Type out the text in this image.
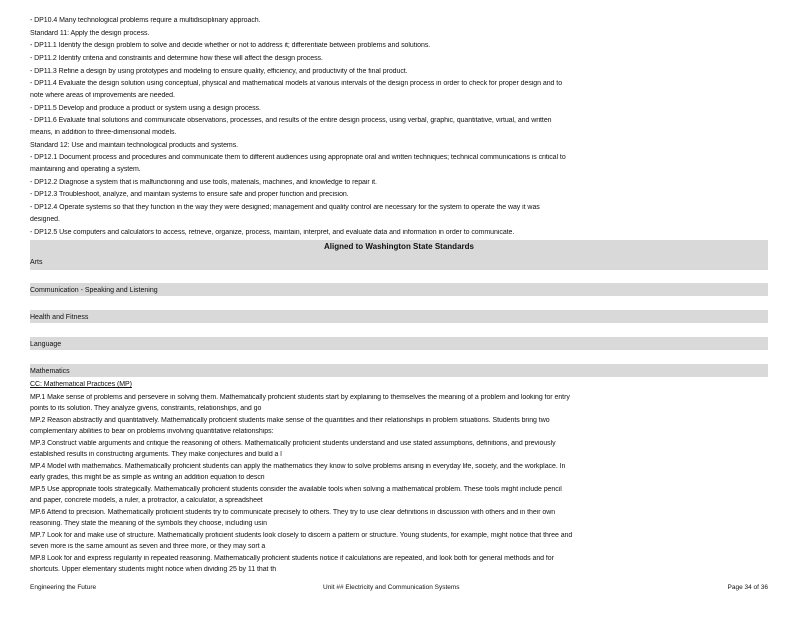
- DP10.4 Many technological problems require a multidisciplinary approach.
Standard 11: Apply the design process.
- DP11.1 Identify the design problem to solve and decide whether or not to address it; differentiate between problems and solutions.
- DP11.2 Identify criteria and constraints and determine how these will affect the design process.
- DP11.3 Refine a design by using prototypes and modeling to ensure quality, efficiency, and productivity of the final product.
- DP11.4 Evaluate the design solution using conceptual, physical and mathematical models at various intervals of the design process in order to check for proper design and to
note where areas of improvements are needed.
- DP11.5 Develop and produce a product or system using a design process.
- DP11.6 Evaluate final solutions and communicate observations, processes, and results of the entire design process, using verbal, graphic, quantitative, virtual, and written
means, in addition to three-dimensional models.
Standard 12: Use and maintain technological products and systems.
- DP12.1 Document process and procedures and communicate them to different audiences using appropriate oral and written techniques; technical communications is critical to
maintaining and operating a system.
- DP12.2 Diagnose a system that is malfunctioning and use tools, materials, machines, and knowledge to repair it.
- DP12.3 Troubleshoot, analyze, and maintain systems to ensure safe and proper function and precision.
- DP12.4 Operate systems so that they function in the way they were designed; management and quality control are necessary for the system to operate the way it was
designed.
- DP12.5 Use computers and calculators to access, retrieve, organize, process, maintain, interpret, and evaluate data and information in order to communicate.
Aligned to Washington State Standards
Arts
Communication - Speaking and Listening
Health and Fitness
Language
Mathematics
CC: Mathematical Practices (MP)
MP.1 Make sense of problems and persevere in solving them. Mathematically proficient students start by explaining to themselves the meaning of a problem and looking for entry
points to its solution. They analyze givens, constraints, relationships, and go
MP.2 Reason abstractly and quantitatively. Mathematically proficient students make sense of the quantities and their relationships in problem situations. Students bring two
complementary abilities to bear on problems involving quantitative relationships:
MP.3 Construct viable arguments and critique the reasoning of others. Mathematically proficient students understand and use stated assumptions, definitions, and previously
established results in constructing arguments. They make conjectures and build a l
MP.4 Model with mathematics. Mathematically proficient students can apply the mathematics they know to solve problems arising in everyday life, society, and the workplace. In
early grades, this might be as simple as writing an addition equation to descri
MP.5 Use appropriate tools strategically. Mathematically proficient students consider the available tools when solving a mathematical problem. These tools might include pencil
and paper, concrete models, a ruler, a protractor, a calculator, a spreadsheet
MP.6 Attend to precision. Mathematically proficient students try to communicate precisely to others. They try to use clear definitions in discussion with others and in their own
reasoning. They state the meaning of the symbols they choose, including usin
MP.7 Look for and make use of structure. Mathematically proficient students look closely to discern a pattern or structure. Young students, for example, might notice that three and
seven more is the same amount as seven and three more, or they may sort a
MP.8 Look for and express regularity in repeated reasoning. Mathematically proficient students notice if calculations are repeated, and look both for general methods and for
shortcuts. Upper elementary students might notice when dividing 25 by 11 that th
Engineering the Future	Unit ## Electricity and Communication Systems	Page 34 of 36
